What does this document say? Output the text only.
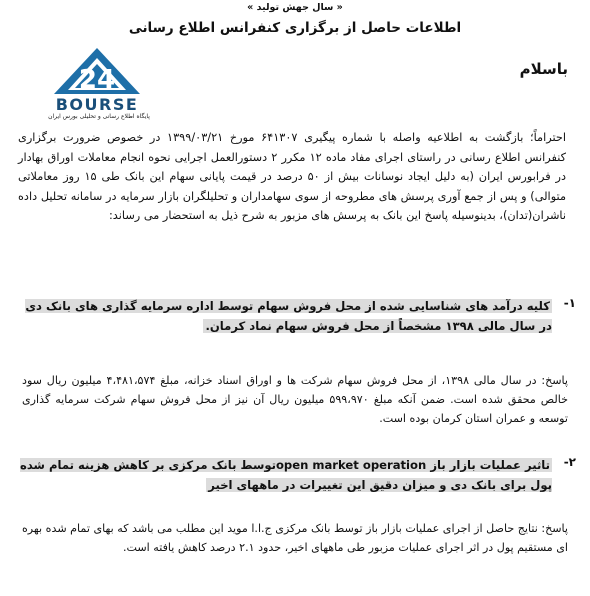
« سال جهش تولید »
اطلاعات حاصل از برگزاری کنفرانس اطلاع رسانی
24
BOURSE
پایگاه اطلاع رسانی و تحلیلی بورس ایران
باسلام
احتراماً؛ بازگشت به اطلاعیه واصله با شماره پیگیری ۶۴۱۳۰۷ مورخ ۱۳۹۹/۰۳/۲۱ در خصوص ضرورت برگزاری کنفرانس اطلاع رسانی در راستای اجرای مفاد ماده ۱۲ مکرر ۲ دستورالعمل اجرایی نحوه انجام معاملات اوراق بهادار در فرابورس ایران (به دلیل ایجاد نوسانات بیش از ۵۰ درصد در قیمت پایانی سهام این بانک طی ۱۵ روز معاملاتی متوالی) و پس از جمع آوری پرسش های مطروحه از سوی سهامداران و تحلیلگران بازار سرمایه در سامانه تحلیل داده ناشران(تدان)، بدینوسیله پاسخ این بانک به پرسش های مزبور به شرح ذیل به استحضار می رساند:
-۱
کلیه درآمد های شناسایی شده از محل فروش سهام توسط اداره سرمایه گذاری های بانک دی در سال مالی ۱۳۹۸ مشخصاً از محل فروش سهام نماد کرمان.
پاسخ: در سال مالی ۱۳۹۸، از محل فروش سهام شرکت ها و اوراق اسناد خزانه، مبلغ ۴،۴۸۱،۵۷۴ میلیون ریال سود خالص محقق شده است. ضمن آنکه مبلغ ۵۹۹،۹۷۰ میلیون ریال آن نیز از محل فروش سهام شرکت سرمایه گذاری توسعه و عمران استان کرمان بوده است.
-۲
تاثیر عملیات بازار باز open market operationتوسط بانک مرکزی بر کاهش هزینه تمام شده پول برای بانک دی و میزان دقیق این تغییرات در ماههای اخیر
پاسخ: نتایج حاصل از اجرای عملیات بازار باز توسط بانک مرکزی ج.ا.ا موید این مطلب می باشد که بهای تمام شده بهره ای مستقیم پول در اثر اجرای عملیات مزبور طی ماههای اخیر، حدود ۲.۱ درصد کاهش یافته است.
